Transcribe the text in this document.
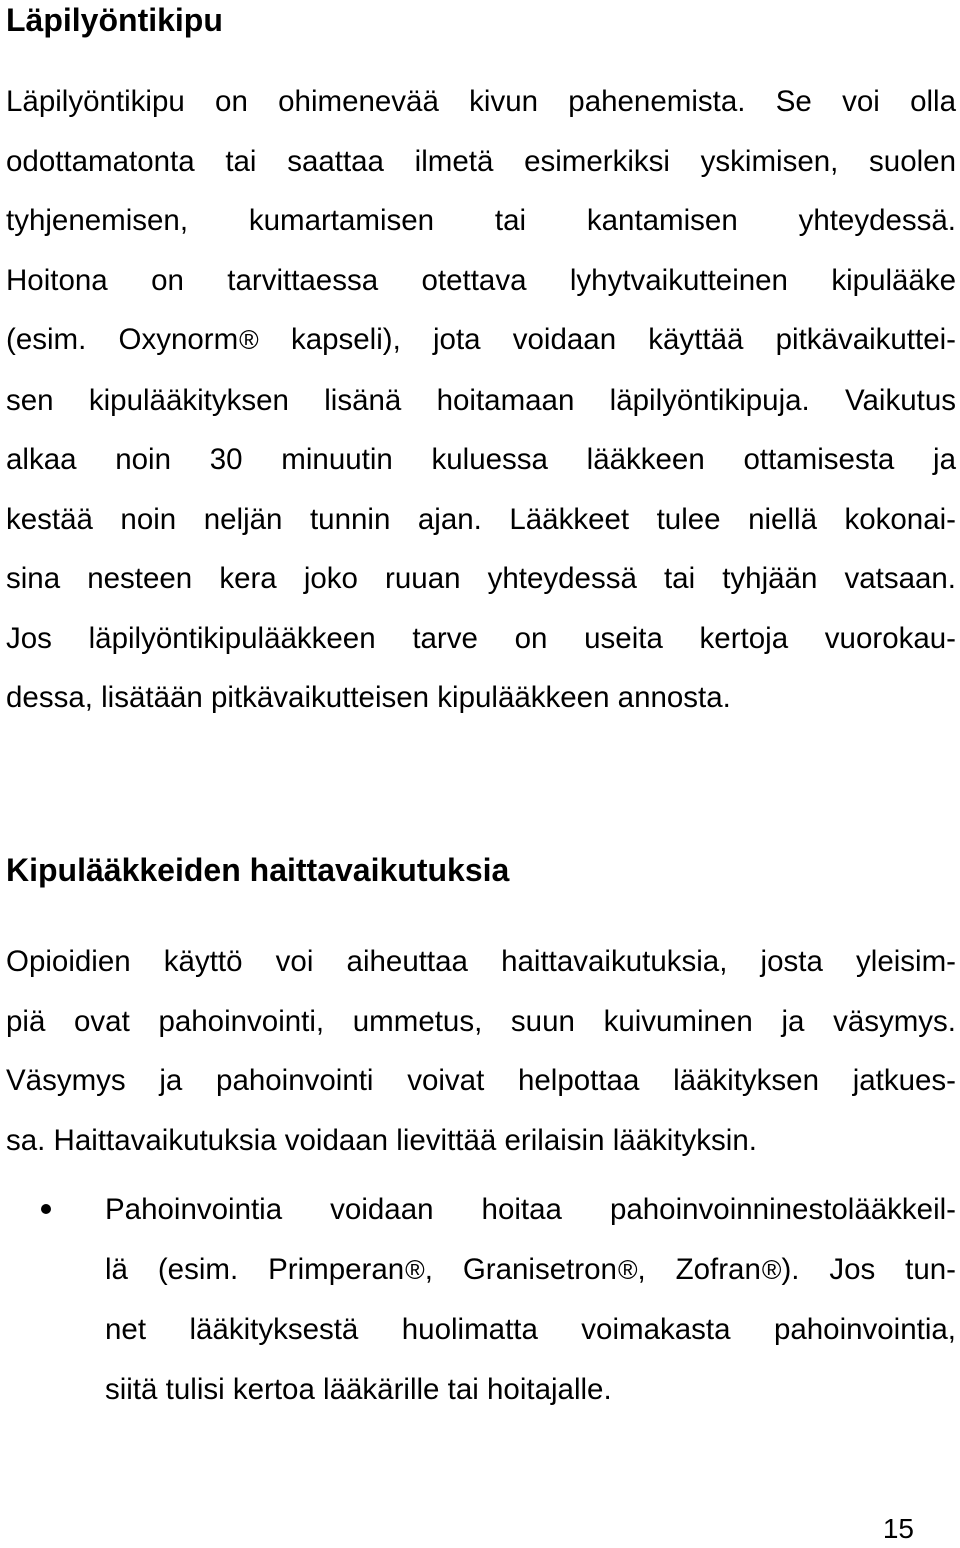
Läpilyöntikipu
Läpilyöntikipu on ohimenevää kivun pahenemista. Se voi olla
odottamatonta tai saattaa ilmetä esimerkiksi yskimisen, suolen
tyhjenemisen, kumartamisen tai kantamisen yhteydessä.
Hoitona on tarvittaessa otettava lyhytvaikutteinen kipulääke
(esim. Oxynorm® kapseli), jota voidaan käyttää pitkävaikuttei-
sen kipulääkityksen lisänä hoitamaan läpilyöntikipuja. Vaikutus
alkaa noin 30 minuutin kuluessa lääkkeen ottamisesta ja
kestää noin neljän tunnin ajan. Lääkkeet tulee niellä kokonai-
sina nesteen kera joko ruuan yhteydessä tai tyhjään vatsaan.
Jos läpilyöntikipulääkkeen tarve on useita kertoja vuorokau-
dessa, lisätään pitkävaikutteisen kipulääkkeen annosta.
Kipulääkkeiden haittavaikutuksia
Opioidien käyttö voi aiheuttaa haittavaikutuksia, josta yleisim-
piä ovat pahoinvointi, ummetus, suun kuivuminen ja väsymys.
Väsymys ja pahoinvointi voivat helpottaa lääkityksen jatkues-
sa. Haittavaikutuksia voidaan lievittää erilaisin lääkityksin.
Pahoinvointia voidaan hoitaa pahoinvoinninestolääkkeil-
lä (esim. Primperan®, Granisetron®, Zofran®). Jos tun-
net lääkityksestä huolimatta voimakasta pahoinvointia,
siitä tulisi kertoa lääkärille tai hoitajalle.
15
